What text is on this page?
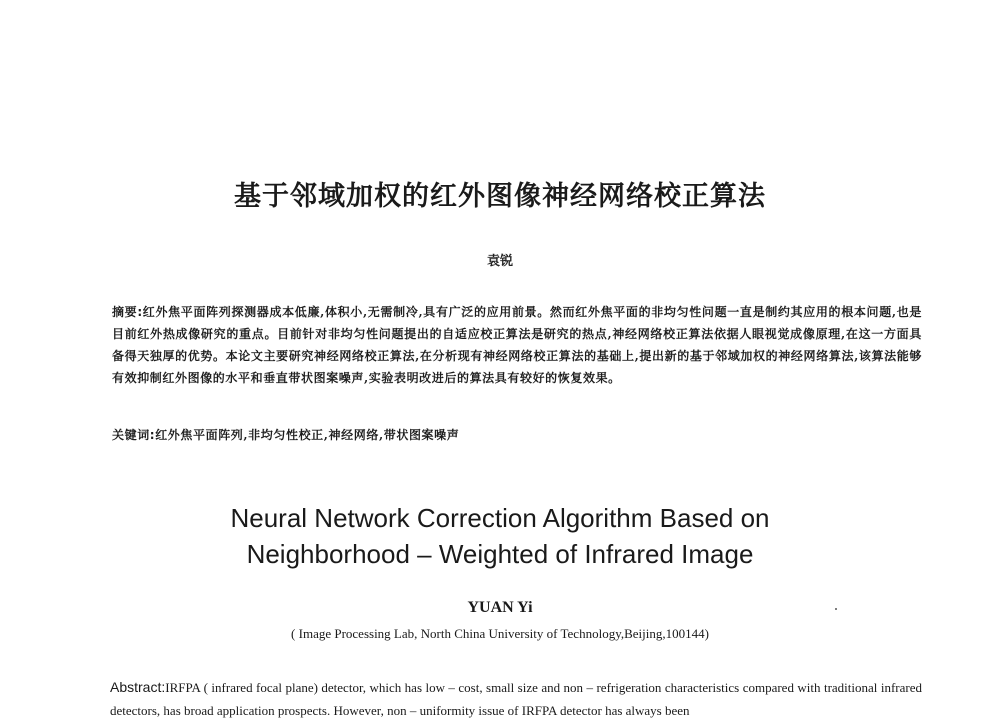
基于邻域加权的红外图像神经网络校正算法
袁锐
摘要:红外焦平面阵列探测器成本低廉,体积小,无需制冷,具有广泛的应用前景。然而红外焦平面的非均匀性问题一直是制约其应用的根本问题,也是目前红外热成像研究的重点。目前针对非均匀性问题提出的自适应校正算法是研究的热点,神经网络校正算法依据人眼视觉成像原理,在这一方面具备得天独厚的优势。本论文主要研究神经网络校正算法,在分析现有神经网络校正算法的基础上,提出新的基于邻域加权的神经网络算法,该算法能够有效抑制红外图像的水平和垂直带状图案噪声,实验表明改进后的算法具有较好的恢复效果。
关键词:红外焦平面阵列,非均匀性校正,神经网络,带状图案噪声
Neural Network Correction Algorithm Based on
Neighborhood – Weighted of Infrared Image
YUAN Yi
( Image Processing Lab, North China University of Technology,Beijing,100144)
Abstract:IRFPA ( infrared focal plane) detector, which has low – cost, small size and non – refrigeration characteristics compared with traditional infrared detectors, has broad application prospects. However, non – uniformity issue of IRFPA detector has always been
